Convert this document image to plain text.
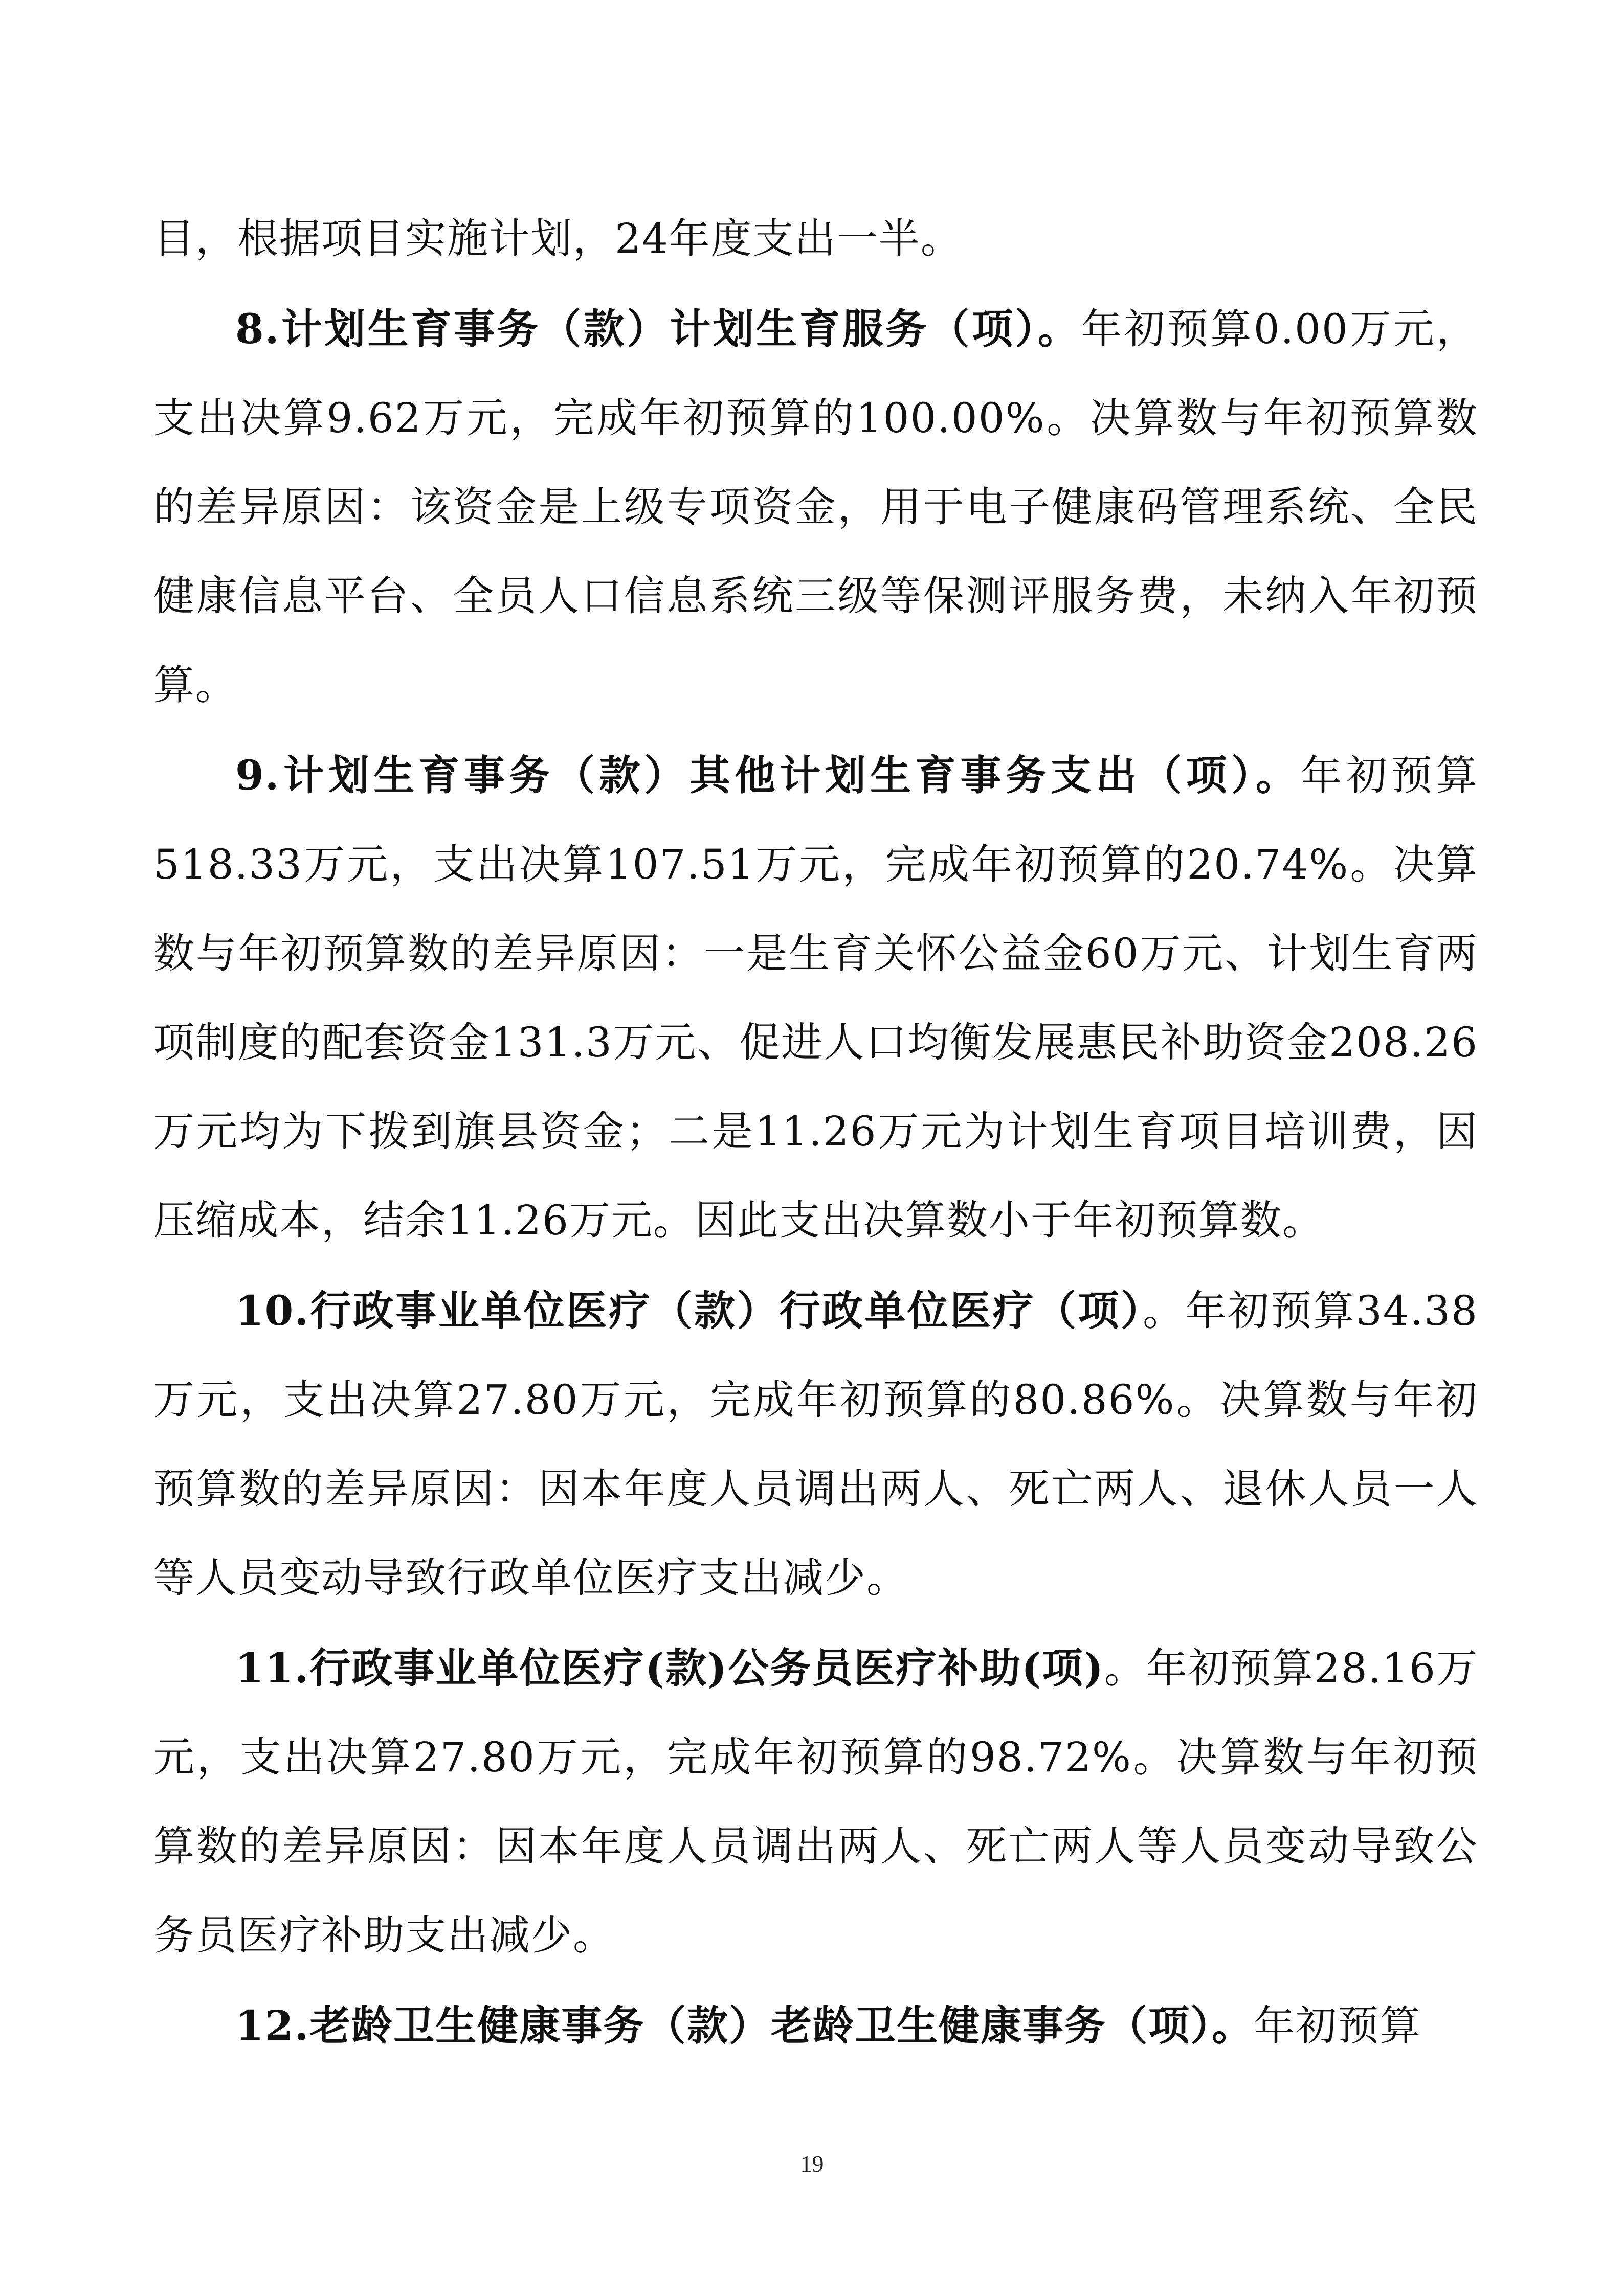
目，根据项目实施计划，24年度支出一半。

8.计划生育事务（款）计划生育服务（项）。年初预算0.00万元，支出决算9.62万元，完成年初预算的100.00%。决算数与年初预算数的差异原因：该资金是上级专项资金，用于电子健康码管理系统、全民健康信息平台、全员人口信息系统三级等保测评服务费，未纳入年初预算。

9.计划生育事务（款）其他计划生育事务支出（项）。年初预算518.33万元，支出决算107.51万元，完成年初预算的20.74%。决算数与年初预算数的差异原因：一是生育关怀公益金60万元、计划生育两项制度的配套资金131.3万元、促进人口均衡发展惠民补助资金208.26万元均为下拨到旗县资金；二是11.26万元为计划生育项目培训费，因压缩成本，结余11.26万元。因此支出决算数小于年初预算数。

10.行政事业单位医疗（款）行政单位医疗（项）。年初预算34.38万元，支出决算27.80万元，完成年初预算的80.86%。决算数与年初预算数的差异原因：因本年度人员调出两人、死亡两人、退休人员一人等人员变动导致行政单位医疗支出减少。

11.行政事业单位医疗(款)公务员医疗补助(项)。年初预算28.16万元，支出决算27.80万元，完成年初预算的98.72%。决算数与年初预算数的差异原因：因本年度人员调出两人、死亡两人等人员变动导致公务员医疗补助支出减少。

12.老龄卫生健康事务（款）老龄卫生健康事务（项）。年初预算

19
